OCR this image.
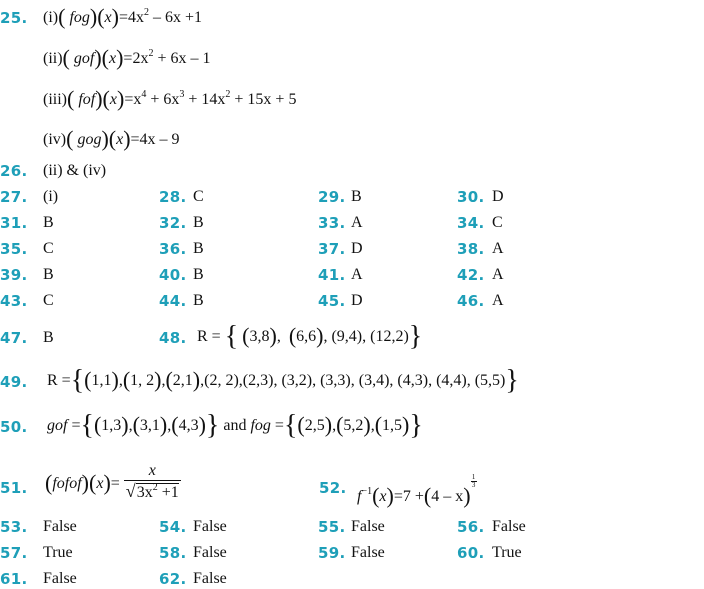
25. (i)( $fog)(x)=4x^2 - 6x +1$
(ii)( $gof)(x)=2x^2 + 6x - 1$
(iii)( $fof)(x)=x^4 + 6x^3 + 14x^2 + 15x + 5$
(iv)( gog)(x)=4x – 9
26. (ii) & (iv)
27. (i)	28. C	29. B	30. D
31. B	32. B	33. A	34. C
35. C	36. B	37. D	38. A
39. B	40. B	41. A	42. A
43. C	44. B	45. D	46. A
47. B	48. R = { (3,8),  (6,6), (9,4), (12,2)}
49. R ={(1,1),(1, 2),(2,1),(2, 2),(2,3), (3,2), (3,3), (3,4), (4,3), (4,4), (5,5)}
50. gof ={(1,3),(3,1),(4,3)} and fog ={(2,5),(5,2),(1,5)}
51. (fofof)(x)= $\frac{x}{√3x^2 +1}$	52. $f^{-1}(x)=7 +(4 - x)$
$\frac{1}{3}$
53. False	54. False	55. False	56. False
57. True	58. False	59. False	60. True
61. False	62. False
